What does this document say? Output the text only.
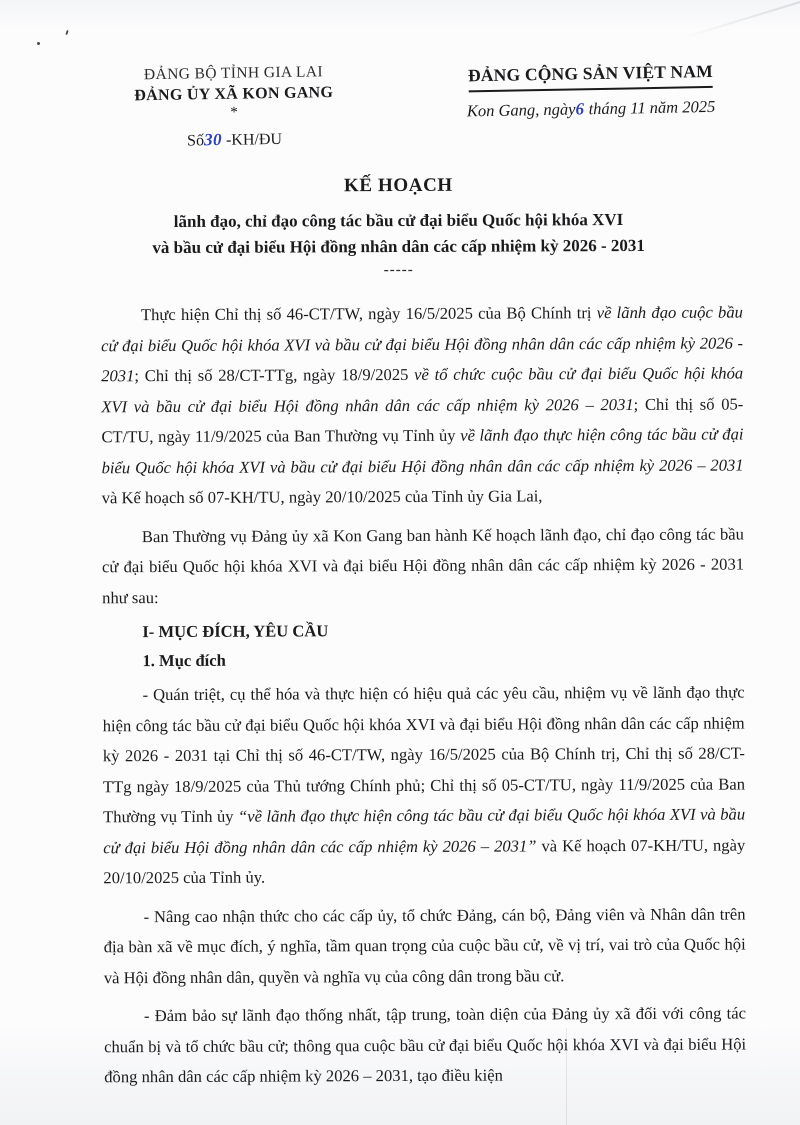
ĐẢNG BỘ TỈNH GIA LAI
ĐẢNG ỦY XÃ KON GANG
*
Số30 -KH/ĐU
ĐẢNG CỘNG SẢN VIỆT NAM
Kon Gang, ngày6 tháng 11 năm 2025
KẾ HOẠCH
lãnh đạo, chỉ đạo công tác bầu cử đại biểu Quốc hội khóa XVI
và bầu cử đại biểu Hội đồng nhân dân các cấp nhiệm kỳ 2026 - 2031
-----

Thực hiện Chỉ thị số 46-CT/TW, ngày 16/5/2025 của Bộ Chính trị về lãnh đạo cuộc bầu cử đại biểu Quốc hội khóa XVI và bầu cử đại biểu Hội đồng nhân dân các cấp nhiệm kỳ 2026 - 2031; Chỉ thị số 28/CT-TTg, ngày 18/9/2025 về tổ chức cuộc bầu cử đại biểu Quốc hội khóa XVI và bầu cử đại biểu Hội đồng nhân dân các cấp nhiệm kỳ 2026 – 2031; Chỉ thị số 05-CT/TU, ngày 11/9/2025 của Ban Thường vụ Tỉnh ủy về lãnh đạo thực hiện công tác bầu cử đại biểu Quốc hội khóa XVI và bầu cử đại biểu Hội đồng nhân dân các cấp nhiệm kỳ 2026 – 2031 và Kế hoạch số 07-KH/TU, ngày 20/10/2025 của Tỉnh ủy Gia Lai,

Ban Thường vụ Đảng ủy xã Kon Gang ban hành Kế hoạch lãnh đạo, chỉ đạo công tác bầu cử đại biểu Quốc hội khóa XVI và đại biểu Hội đồng nhân dân các cấp nhiệm kỳ 2026 - 2031 như sau:

I- MỤC ĐÍCH, YÊU CẦU

1. Mục đích

- Quán triệt, cụ thể hóa và thực hiện có hiệu quả các yêu cầu, nhiệm vụ về lãnh đạo thực hiện công tác bầu cử đại biểu Quốc hội khóa XVI và đại biểu Hội đồng nhân dân các cấp nhiệm kỳ 2026 - 2031 tại Chỉ thị số 46-CT/TW, ngày 16/5/2025 của Bộ Chính trị, Chỉ thị số 28/CT-TTg ngày 18/9/2025 của Thủ tướng Chính phủ; Chỉ thị số 05-CT/TU, ngày 11/9/2025 của Ban Thường vụ Tỉnh ủy “về lãnh đạo thực hiện công tác bầu cử đại biểu Quốc hội khóa XVI và bầu cử đại biểu Hội đồng nhân dân các cấp nhiệm kỳ 2026 – 2031” và Kế hoạch 07-KH/TU, ngày 20/10/2025 của Tỉnh ủy.

- Nâng cao nhận thức cho các cấp ủy, tổ chức Đảng, cán bộ, Đảng viên và Nhân dân trên địa bàn xã về mục đích, ý nghĩa, tầm quan trọng của cuộc bầu cử, về vị trí, vai trò của Quốc hội và Hội đồng nhân dân, quyền và nghĩa vụ của công dân trong bầu cử.

- Đảm bảo sự lãnh đạo thống nhất, tập trung, toàn diện của Đảng ủy xã đối với công tác chuẩn bị và tổ chức bầu cử; thông qua cuộc bầu cử đại biểu Quốc hội khóa XVI và đại biểu Hội đồng nhân dân các cấp nhiệm kỳ 2026 – 2031, tạo điều kiện
